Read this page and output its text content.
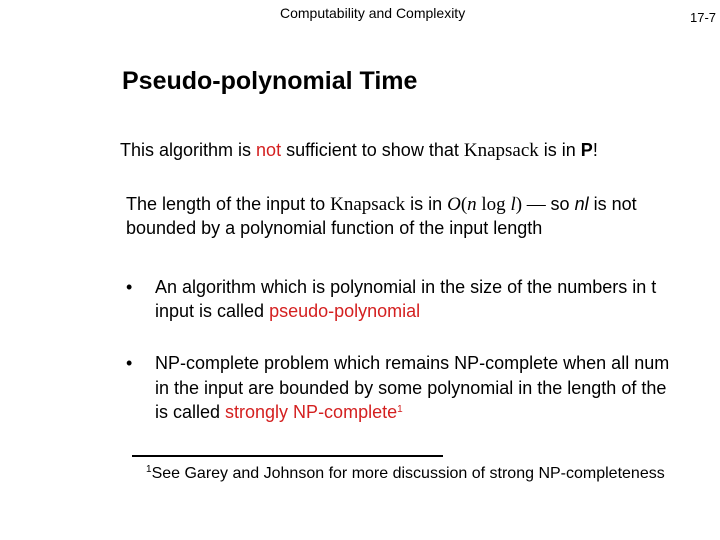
Computability and Complexity	17-7
Pseudo-polynomial Time
This algorithm is not sufficient to show that Knapsack is in P!
The length of the input to Knapsack is in O(n log l) — so nl is not
bounded by a polynomial function of the input length
• An algorithm which is polynomial in the size of the numbers in t
input is called pseudo-polynomial
• NP-complete problem which remains NP-complete when all num
in the input are bounded by some polynomial in the length of the
is called strongly NP-complete$^1$
$^1$See Garey and Johnson for more discussion of strong NP-completeness
